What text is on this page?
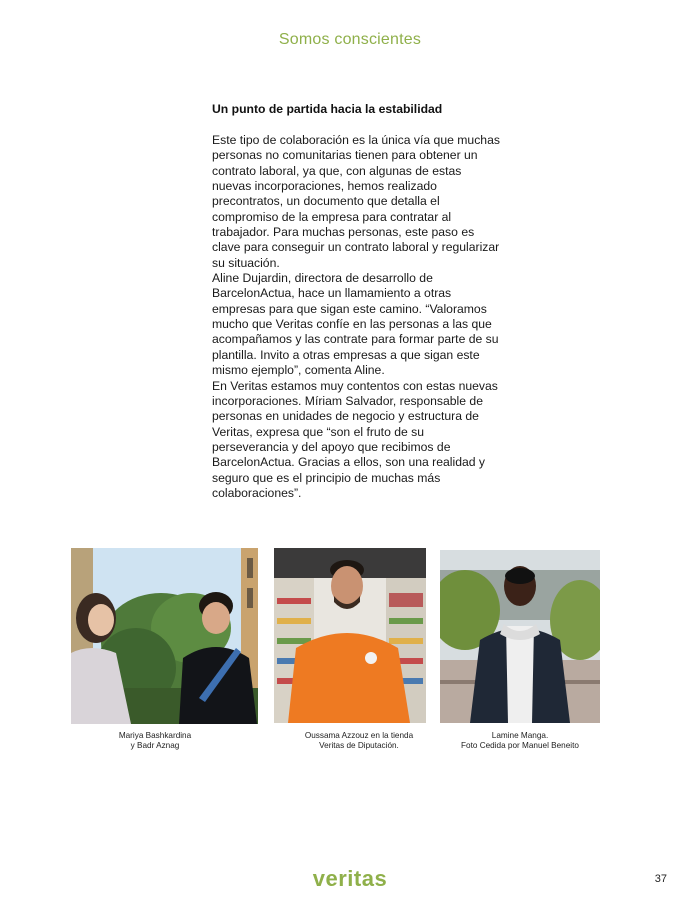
Somos conscientes
Un punto de partida hacia la estabilidad

Este tipo de colaboración es la única vía que muchas personas no comunitarias tienen para obtener un contrato laboral, ya que, con algunas de estas nuevas incorporaciones, hemos realizado precontratos, un documento que detalla el compromiso de la empresa para contratar al trabajador. Para muchas personas, este paso es clave para conseguir un contrato laboral y regularizar su situación.

Aline Dujardin, directora de desarrollo de BarcelonActua, hace un llamamiento a otras empresas para que sigan este camino. “Valoramos mucho que Veritas confíe en las personas a las que acompañamos y las contrate para formar parte de su plantilla. Invito a otras empresas a que sigan este mismo ejemplo”, comenta Aline.

En Veritas estamos muy contentos con estas nuevas incorporaciones. Míriam Salvador, responsable de personas en unidades de negocio y estructura de Veritas, expresa que “son el fruto de su perseverancia y del apoyo que recibimos de BarcelonActua. Gracias a ellos, son una realidad y seguro que es el principio de muchas más colaboraciones”.

Mariya Bashkardina
y Badr Aznag
Oussama Azzouz en la tienda
Veritas de Diputación.
Lamine Manga.
Foto Cedida por Manuel Beneito
veritas	37
